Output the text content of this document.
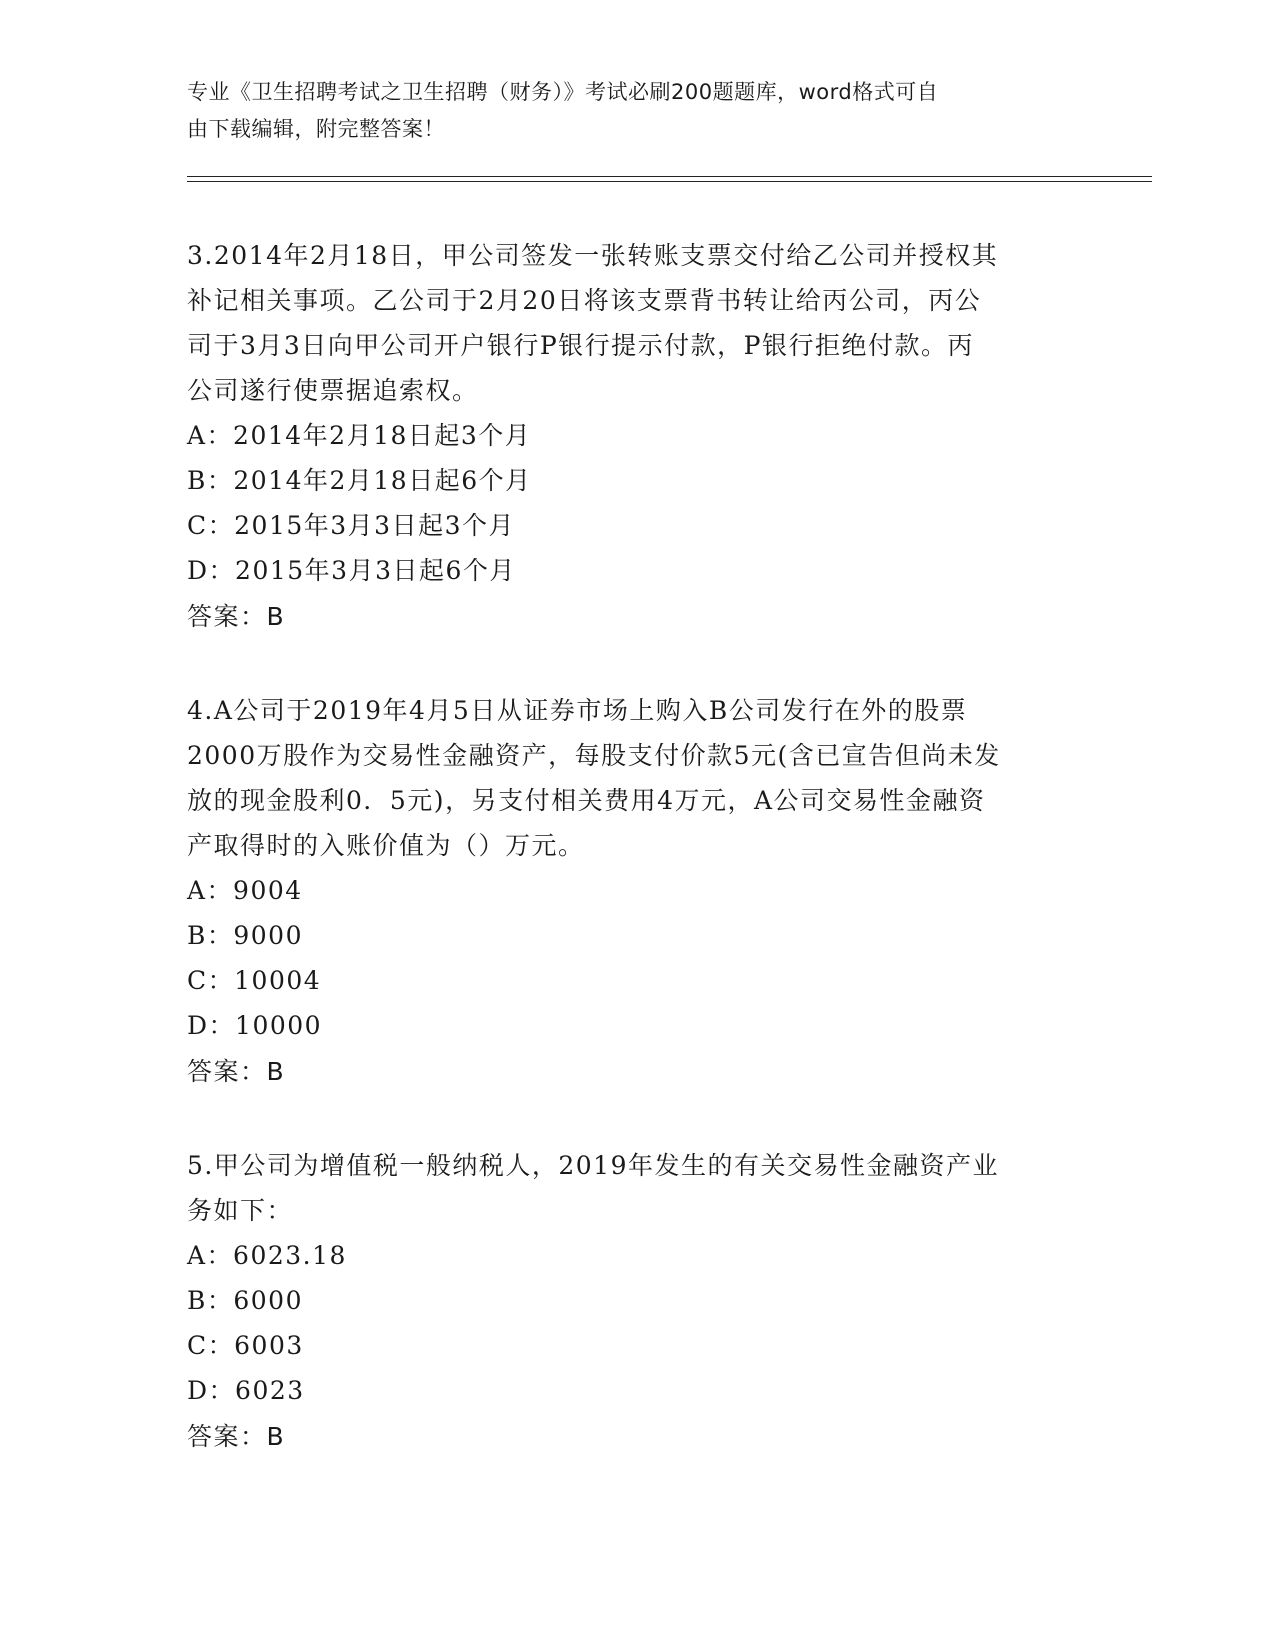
专业《卫生招聘考试之卫生招聘（财务）》考试必刷200题题库，word格式可自
由下载编辑，附完整答案！
3.2014年2月18日，甲公司签发一张转账支票交付给乙公司并授权其
补记相关事项。乙公司于2月20日将该支票背书转让给丙公司，丙公
司于3月3日向甲公司开户银行P银行提示付款，P银行拒绝付款。丙
公司遂行使票据追索权。
A：2014年2月18日起3个月
B：2014年2月18日起6个月
C：2015年3月3日起3个月
D：2015年3月3日起6个月
答案：B
4.A公司于2019年4月5日从证券市场上购入B公司发行在外的股票
2000万股作为交易性金融资产，每股支付价款5元(含已宣告但尚未发
放的现金股利0．5元)，另支付相关费用4万元，A公司交易性金融资
产取得时的入账价值为（）万元。
A：9004
B：9000
C：10004
D：10000
答案：B
5.甲公司为增值税一般纳税人，2019年发生的有关交易性金融资产业
务如下：
A：6023.18
B：6000
C：6003
D：6023
答案：B
